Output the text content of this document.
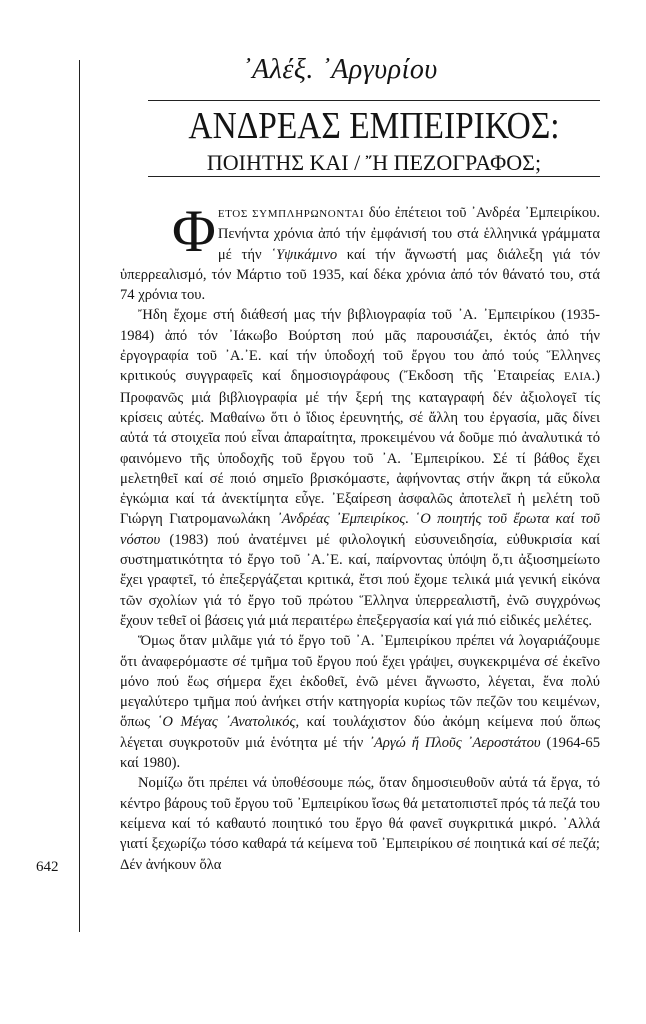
642
᾿Αλέξ. ᾿Αργυρίου
ΑΝΔΡΕΑΣ ΕΜΠΕΙΡΙΚΟΣ:
ΠΟΙΗΤΗΣ ΚΑΙ / Ἤ ΠΕΖΟΓΡΑΦΟΣ;

ΦΕΤΟΣ ΣΥΜΠΛΗΡΩΝΟΝΤΑΙ δύο ἐπέτειοι τοῦ ᾿Ανδρέα ᾿Εμπειρίκου. Πενήντα χρόνια ἀπό τήν ἐμφάνισή του στά ἑλληνικά γράμματα μέ τήν ῾Υψικάμινο καί τήν ἄγνωστή μας διάλεξη γιά τόν ὑπερρεαλισμό, τόν Μάρτιο τοῦ 1935, καί δέκα χρόνια ἀπό τόν θάνατό του, στά 74 χρόνια του.

Ἤδη ἔχομε στή διάθεσή μας τήν βιβλιογραφία τοῦ ᾿Α. ᾿Εμπειρίκου (1935-1984) ἀπό τόν ᾿Ιάκωβο Βούρτση πού μᾶς παρουσιάζει, ἐκτός ἀπό τήν ἐργογραφία τοῦ ᾿Α.᾿Ε. καί τήν ὑποδοχή τοῦ ἔργου του ἀπό τούς Ἕλληνες κριτικούς συγγραφεῖς καί δημοσιογράφους (Ἔκδοση τῆς ῾Εταιρείας ΕΛΙΑ.) Προφανῶς μιά βιβλιογραφία μέ τήν ξερή της καταγραφή δέν ἀξιολογεῖ τίς κρίσεις αὐτές. Μαθαίνω ὅτι ὁ ἴδιος ἐρευνητής, σέ ἄλλη του ἐργασία, μᾶς δίνει αὐτά τά στοιχεῖα πού εἶναι ἀπαραίτητα, προκειμένου νά δοῦμε πιό ἀναλυτικά τό φαινόμενο τῆς ὑποδοχῆς τοῦ ἔργου τοῦ ᾿Α. ᾿Εμπειρίκου. Σέ τί βάθος ἔχει μελετηθεῖ καί σέ ποιό σημεῖο βρισκόμαστε, ἀφήνοντας στήν ἄκρη τά εὔκολα ἐγκώμια καί τά ἀνεκτίμητα εὖγε. ᾿Εξαίρεση ἀσφαλῶς ἀποτελεῖ ἡ μελέτη τοῦ Γιώργη Γιατρομανωλάκη ᾿Ανδρέας ᾿Εμπειρίκος. ῾Ο ποιητής τοῦ ἔρωτα καί τοῦ νόστου (1983) πού ἀνατέμνει μέ φιλολογική εὐσυνειδησία, εὐθυκρισία καί συστηματικότητα τό ἔργο τοῦ ᾿Α.᾿Ε. καί, παίρνοντας ὑπόψη ὅ,τι ἀξιοσημείωτο ἔχει γραφτεῖ, τό ἐπεξεργάζεται κριτικά, ἔτσι πού ἔχομε τελικά μιά γενική εἰκόνα τῶν σχολίων γιά τό ἔργο τοῦ πρώτου Ἕλληνα ὑπερρεαλιστῆ, ἐνῶ συγχρόνως ἔχουν τεθεῖ οἱ βάσεις γιά μιά περαιτέρω ἐπεξεργασία καί γιά πιό εἰδικές μελέτες.

Ὅμως ὅταν μιλᾶμε γιά τό ἔργο τοῦ ᾿Α. ᾿Εμπειρίκου πρέπει νά λογαριάζουμε ὅτι ἀναφερόμαστε σέ τμῆμα τοῦ ἔργου πού ἔχει γράψει, συγκεκριμένα σέ ἐκεῖνο μόνο πού ἕως σήμερα ἔχει ἐκδοθεῖ, ἐνῶ μένει ἄγνωστο, λέγεται, ἕνα πολύ μεγαλύτερο τμῆμα πού ἀνήκει στήν κατηγορία κυρίως τῶν πεζῶν του κειμένων, ὅπως ῾Ο Μέγας ᾿Ανατολικός, καί τουλάχιστον δύο ἀκόμη κείμενα πού ὅπως λέγεται συγκροτοῦν μιά ἑνότητα μέ τήν ᾿Αργώ ἤ Πλοῦς ᾿Αεροστάτου (1964-65 καί 1980).

Νομίζω ὅτι πρέπει νά ὑποθέσουμε πώς, ὅταν δημοσιευθοῦν αὐτά τά ἔργα, τό κέντρο βάρους τοῦ ἔργου τοῦ ᾿Εμπειρίκου ἴσως θά μετατοπιστεῖ πρός τά πεζά του κείμενα καί τό καθαυτό ποιητικό του ἔργο θά φανεῖ συγκριτικά μικρό. ᾿Αλλά γιατί ξεχωρίζω τόσο καθαρά τά κείμενα τοῦ ᾿Εμπειρίκου σέ ποιητικά καί σέ πεζά; Δέν ἀνήκουν ὅλα
